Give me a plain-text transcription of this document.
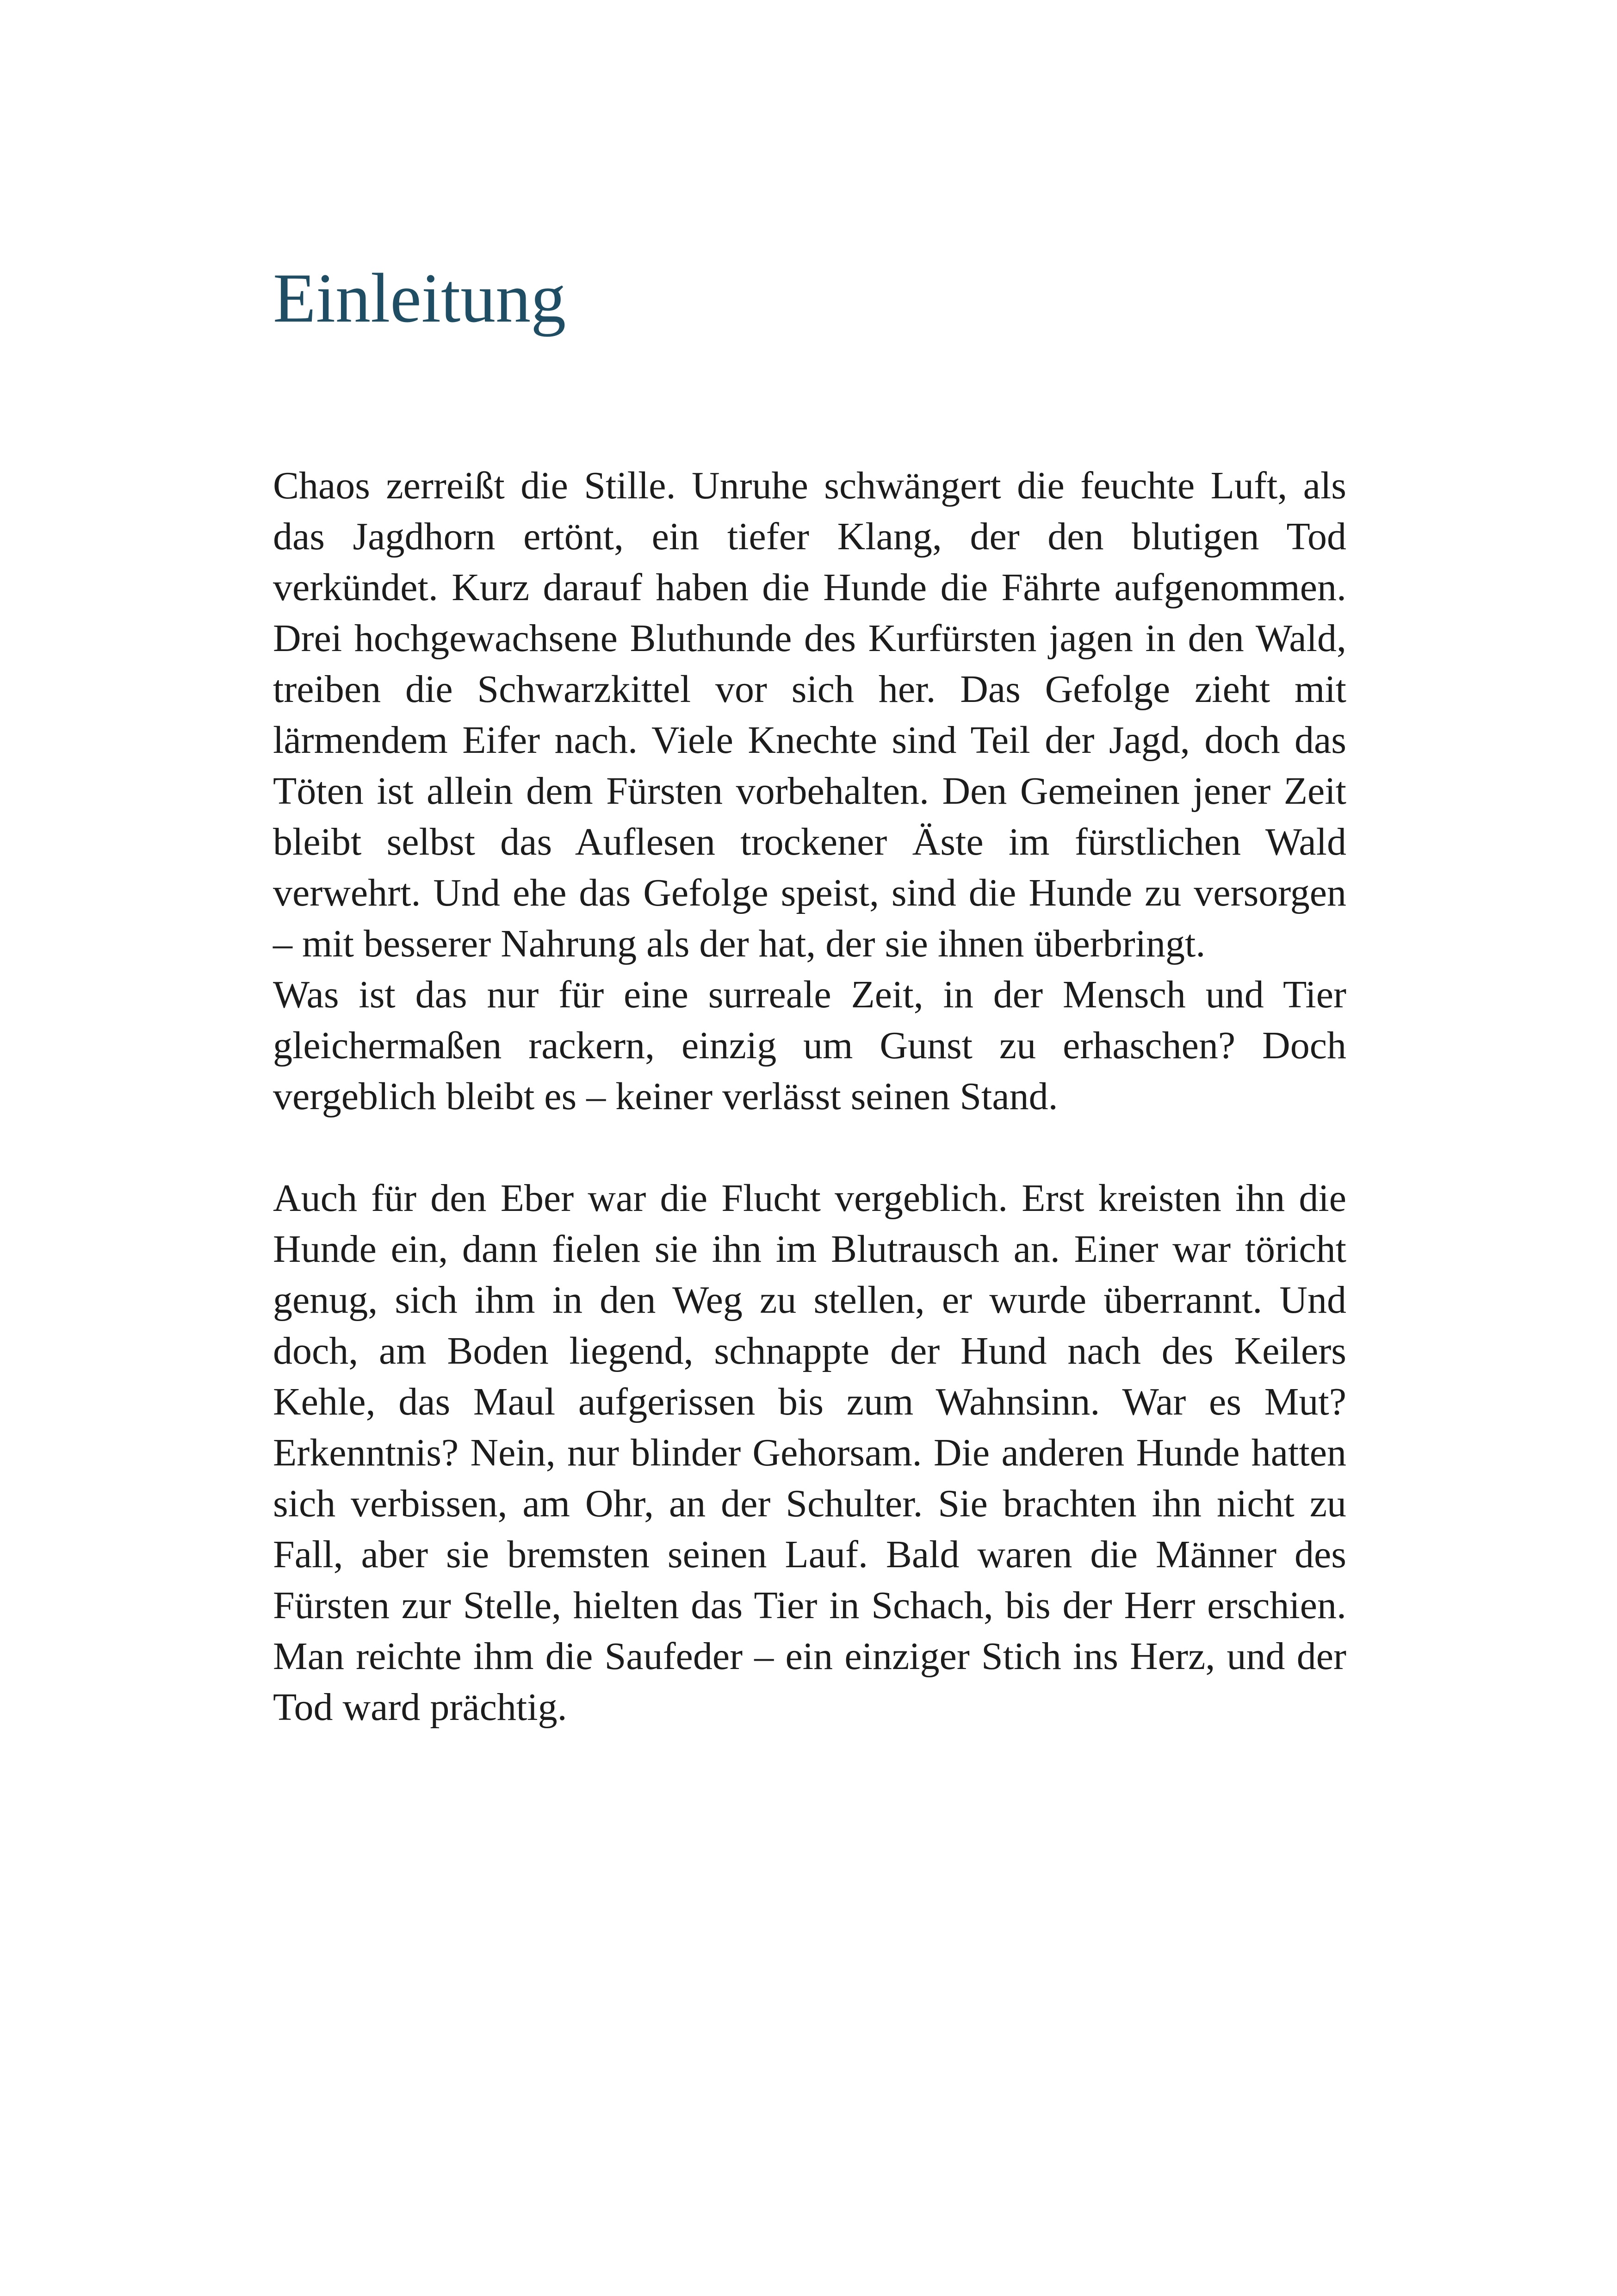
Einleitung

Chaos zerreißt die Stille. Unruhe schwängert die feuchte Luft, als das Jagdhorn ertönt, ein tiefer Klang, der den blutigen Tod verkündet. Kurz darauf haben die Hunde die Fährte aufgenommen. Drei hochgewachsene Bluthunde des Kurfürsten jagen in den Wald, treiben die Schwarzkittel vor sich her. Das Gefolge zieht mit lärmendem Eifer nach. Viele Knechte sind Teil der Jagd, doch das Töten ist allein dem Fürsten vorbehalten. Den Gemeinen jener Zeit bleibt selbst das Auflesen trockener Äste im fürstlichen Wald verwehrt. Und ehe das Gefolge speist, sind die Hunde zu versorgen – mit besserer Nahrung als der hat, der sie ihnen überbringt.

Was ist das nur für eine surreale Zeit, in der Mensch und Tier gleichermaßen rackern, einzig um Gunst zu erhaschen? Doch vergeblich bleibt es – keiner verlässt seinen Stand.

Auch für den Eber war die Flucht vergeblich. Erst kreisten ihn die Hunde ein, dann fielen sie ihn im Blutrausch an. Einer war töricht genug, sich ihm in den Weg zu stellen, er wurde überrannt. Und doch, am Boden liegend, schnappte der Hund nach des Keilers Kehle, das Maul aufgerissen bis zum Wahnsinn. War es Mut? Erkenntnis? Nein, nur blinder Gehorsam. Die anderen Hunde hatten sich verbissen, am Ohr, an der Schulter. Sie brachten ihn nicht zu Fall, aber sie bremsten seinen Lauf. Bald waren die Männer des Fürsten zur Stelle, hielten das Tier in Schach, bis der Herr erschien. Man reichte ihm die Saufeder – ein einziger Stich ins Herz, und der Tod ward prächtig.
